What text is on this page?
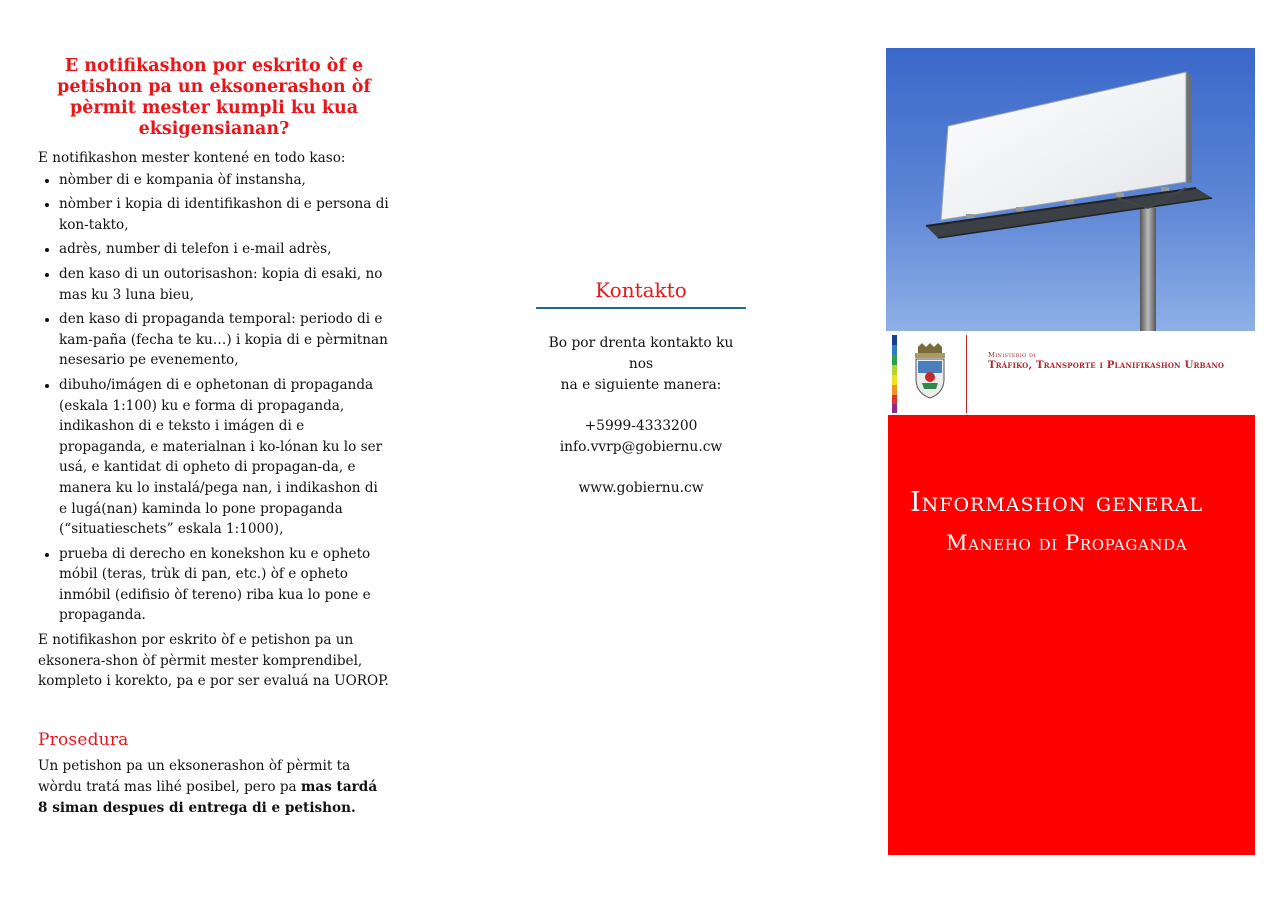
E notifikashon por eskrito òf e petishon pa un eksonerashon òf pèrmit mester kumpli ku kua eksigensianan?

E notifikashon mester kontené en todo kaso:

• nòmber di e kompania òf instansha,
• nòmber i kopia di identifikashon di e persona di kon-takto,
• adrès, number di telefon i e-mail adrès,
• den kaso di un outorisashon: kopia di esaki, no mas ku 3 luna bieu,
• den kaso di propaganda temporal: periodo di e kam-paña (fecha te ku…) i kopia di e pèrmitnan nesesario pe evenemento,
• dibuho/imágen di e ophetonan di propaganda (eskala 1:100) ku e forma di propaganda, indikashon di e teksto i imágen di e propaganda, e materialnan i ko-lónan ku lo ser usá, e kantidat di opheto di propagan-da, e manera ku lo instalá/pega nan, i indikashon di e lugá(nan) kaminda lo pone propaganda (“situatieschets” eskala 1:1000),
• prueba di derecho en konekshon ku e opheto móbil (teras, trùk di pan, etc.) òf e opheto inmóbil (edifisio òf tereno) riba kua lo pone e propaganda.

E notifikashon por eskrito òf e petishon pa un eksonera-shon òf pèrmit mester komprendibel, kompleto i korekto, pa e por ser evaluá na UOROP.

Prosedura

Un petishon pa un eksonerashon òf pèrmit ta wòrdu tratá mas lihé posibel, pero pa mas tardá 8 siman despues di entrega di e petishon.

Kontakto
Bo por drenta kontakto ku nos
na e siguiente manera:
+5999-4333200
info.vvrp@gobiernu.cw
www.gobiernu.cw
Ministerio di
Tráfiko, Transporte i Planifikashon Urbano
Informashon general
Maneho di Propaganda
